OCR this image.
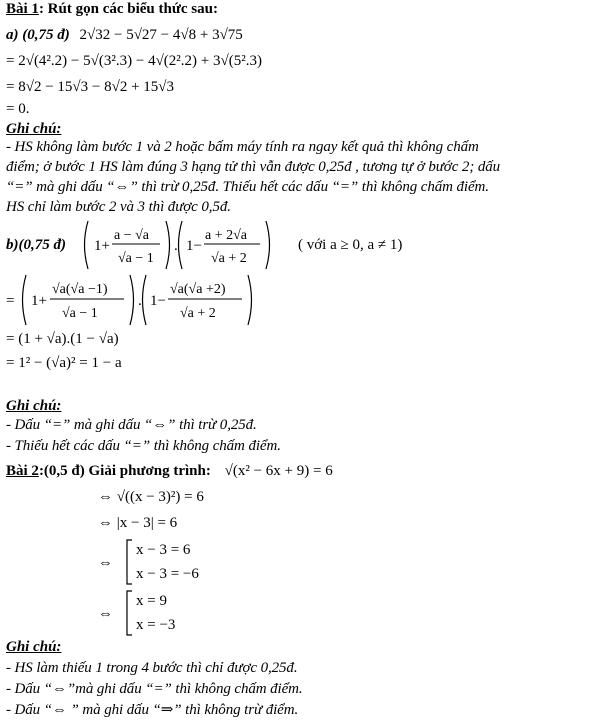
Bài 1: Rút gọn các biểu thức sau:
a) (0,75 đ) 2√32 − 5√27 − 4√8 + 3√75
= 2√(4².2) − 5√(3².3) − 4√(2².2) + 3√(5².3)
= 8√2 − 15√3 − 8√2 + 15√3
= 0.
Ghi chú:
- HS không làm bước 1 và 2 hoặc bấm máy tính ra ngay kết quả thì không chấm
điểm; ở bước 1 HS làm đúng 3 hạng tử thì vẫn được 0,25đ , tương tự ở bước 2; dấu
“=” mà ghi dấu “⇔” thì trừ 0,25đ. Thiếu hết các dấu “=” thì không chấm điểm.
HS chỉ làm bước 2 và 3 thì được 0,5đ.
b)(0,75 đ) 1+
a − √a
√a − 1
. 1−
a + 2√a
√a + 2
( với a ≥ 0, a ≠ 1)
= 1+
√a(√a −1)
√a − 1
. 1−
√a(√a +2)
√a + 2
= (1 + √a).(1 − √a)
= 1² − (√a)² = 1 − a
Ghi chú:
- Dấu “=” mà ghi dấu “⇔” thì trừ 0,25đ.
- Thiếu hết các dấu “=” thì không chấm điểm.
Bài 2:(0,5 đ) Giải phương trình: √(x² − 6x + 9) = 6
⇔ √((x − 3)²) = 6
⇔ |x − 3| = 6
⇔
x − 3 = 6
x − 3 = −6
⇔
x = 9
x = −3
Ghi chú:
- HS làm thiếu 1 trong 4 bước thì chỉ được 0,25đ.
- Dấu “⇔”mà ghi dấu “=” thì không chấm điểm.
- Dấu “⇔ ” mà ghi dấu “⇒” thì không trừ điểm.
